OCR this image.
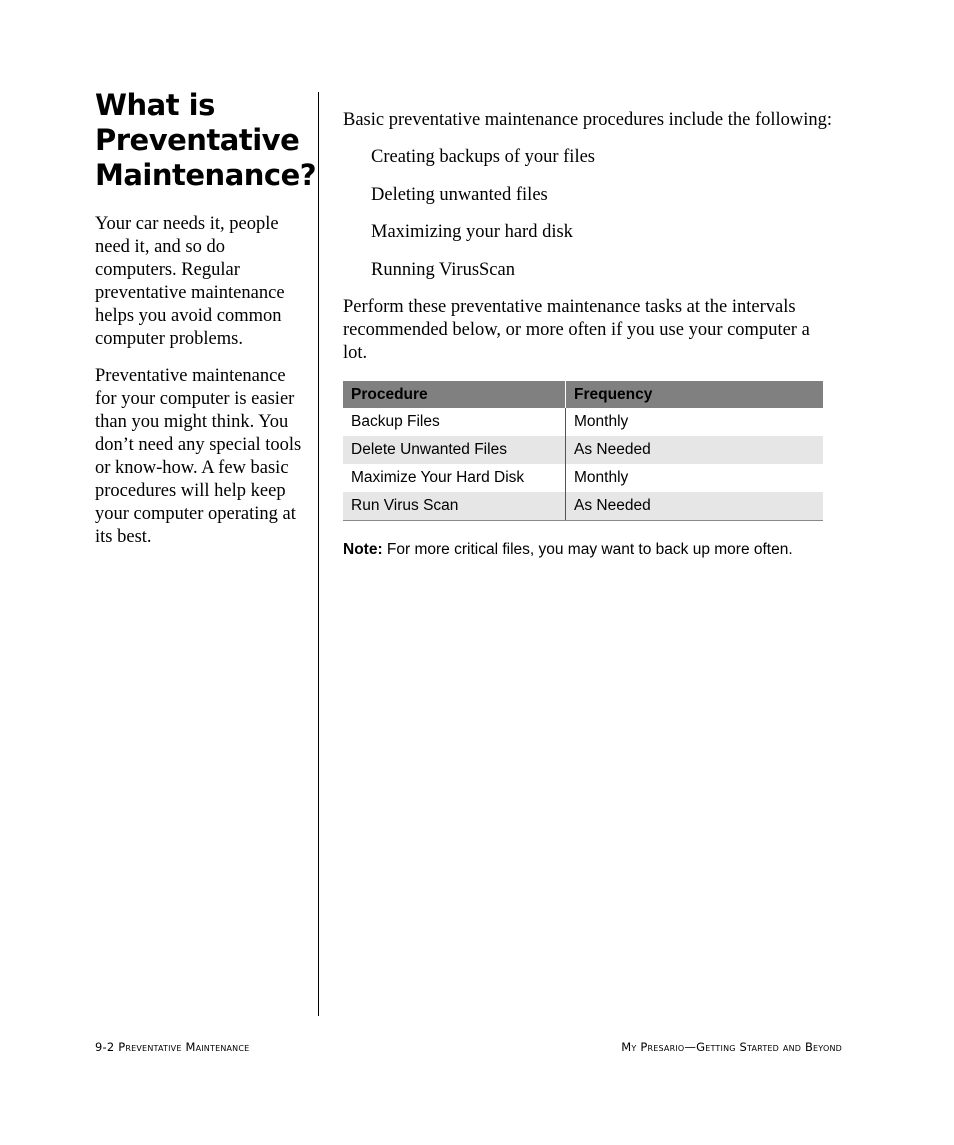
What is Preventative Maintenance?

Your car needs it, people need it, and so do computers. Regular preventative maintenance helps you avoid common computer problems.

Preventative maintenance for your computer is easier than you might think. You don’t need any special tools or know-how. A few basic procedures will help keep your computer operating at its best.

Basic preventative maintenance procedures include the following:

Creating backups of your files
Deleting unwanted files
Maximizing your hard disk
Running VirusScan

Perform these preventative maintenance tasks at the intervals recommended below, or more often if you use your computer a lot.

Procedure	Frequency
Backup Files	Monthly
Delete Unwanted Files	As Needed
Maximize Your Hard Disk	Monthly
Run Virus Scan	As Needed
Note: For more critical files, you may want to back up more often.
9-2 Preventative Maintenance	My Presario—Getting Started and Beyond
